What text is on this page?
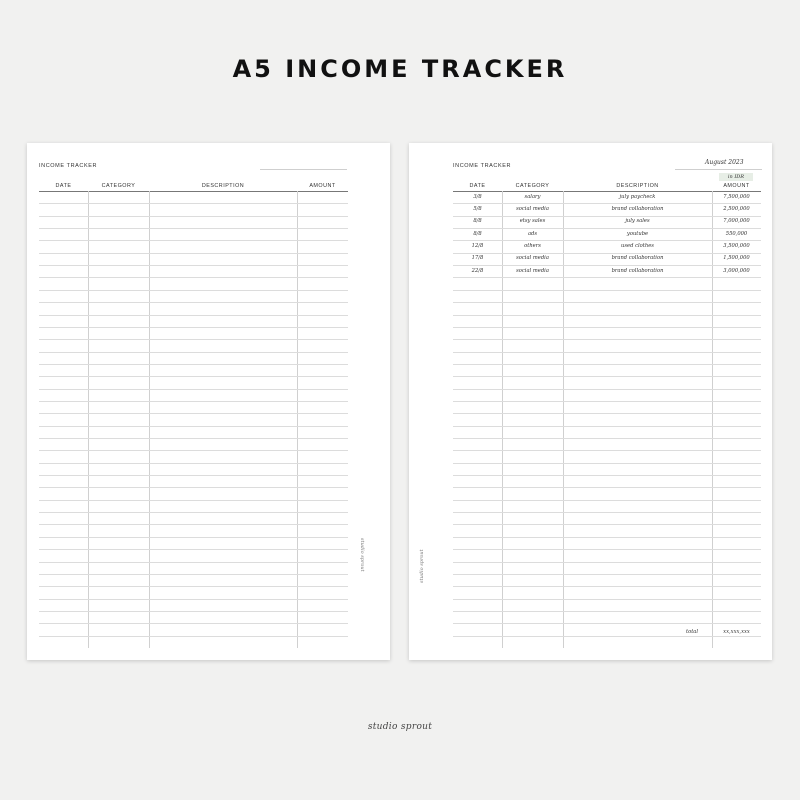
A5 INCOME TRACKER
INCOME TRACKER
DATE	CATEGORY	DESCRIPTION	AMOUNT
studio sprout
INCOME TRACKER	August 2023
in IDR
DATE	CATEGORY	DESCRIPTION	AMOUNT
3/8	salary	july paycheck	7,500,000
5/8	social media	brand collaboration	2,500,000
8/8	etsy sales	july sales	7,000,000
8/8	ads	youtube	550,000
12/8	others	used clothes	3,500,000
17/8	social media	brand collaboration	1,500,000
22/8	social media	brand collaboration	3,000,000
total	xx,xxx,xxx
studio sprout
studio sprout
